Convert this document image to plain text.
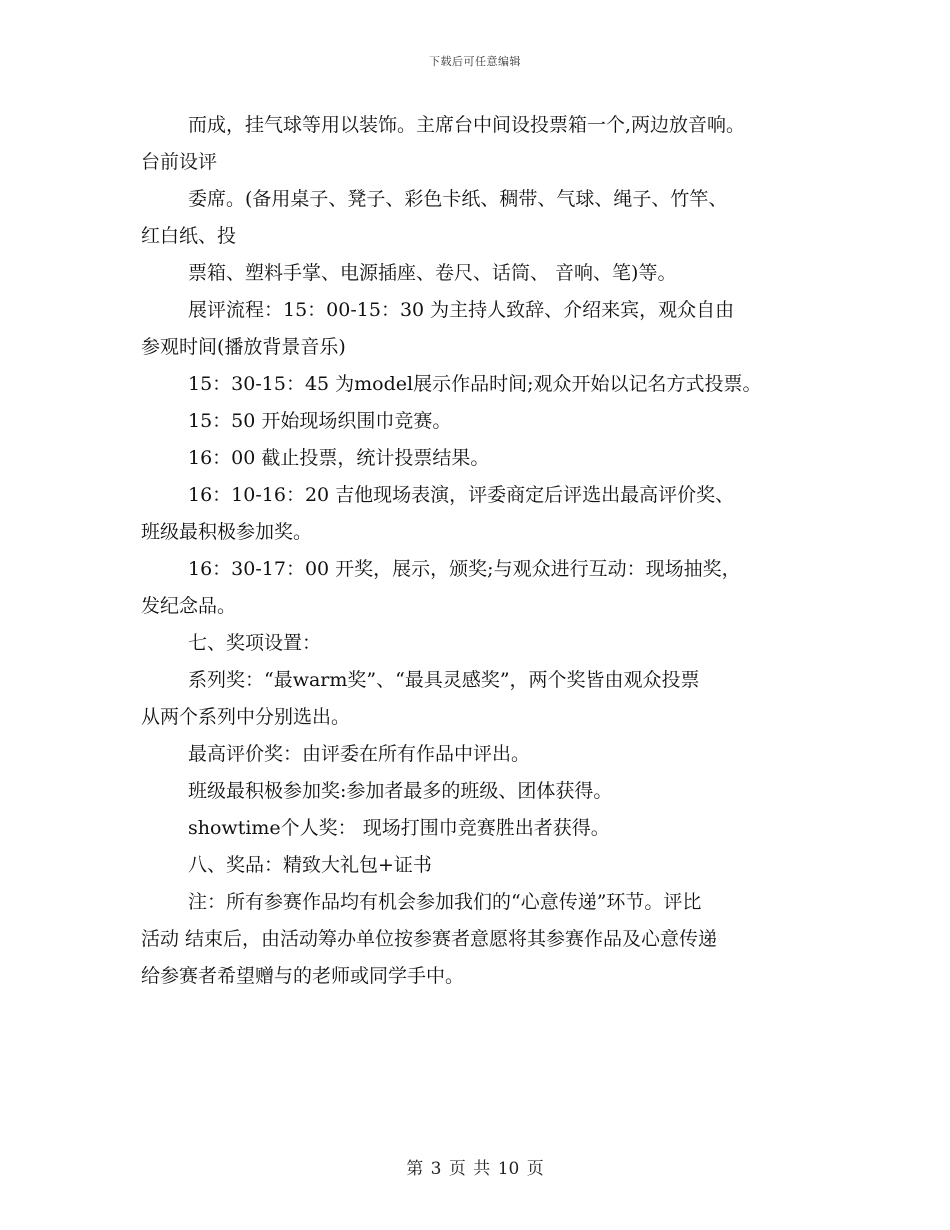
下载后可任意编辑
而成，挂气球等用以装饰。主席台中间设投票箱一个,两边放音响。
台前设评
委席。(备用桌子、凳子、彩色卡纸、稠带、气球、绳子、竹竿、
红白纸、投
票箱、塑料手掌、电源插座、卷尺、话筒、 音响、笔)等。
展评流程：15：00-15：30 为主持人致辞、介绍来宾，观众自由
参观时间(播放背景音乐)
15：30-15：45 为model展示作品时间;观众开始以记名方式投票。
15：50 开始现场织围巾竞赛。
16：00 截止投票，统计投票结果。
16：10-16：20 吉他现场表演，评委商定后评选出最高评价奖、
班级最积极参加奖。
16：30-17：00 开奖，展示，颁奖;与观众进行互动：现场抽奖，
发纪念品。
七、奖项设置：
系列奖：“最warm奖”、“最具灵感奖”，两个奖皆由观众投票
从两个系列中分别选出。
最高评价奖：由评委在所有作品中评出。
班级最积极参加奖:参加者最多的班级、团体获得。
showtime个人奖： 现场打围巾竞赛胜出者获得。
八、奖品：精致大礼包+证书
注：所有参赛作品均有机会参加我们的“心意传递”环节。评比
活动 结束后，由活动筹办单位按参赛者意愿将其参赛作品及心意传递
给参赛者希望赠与的老师或同学手中。
第 3 页 共 10 页
